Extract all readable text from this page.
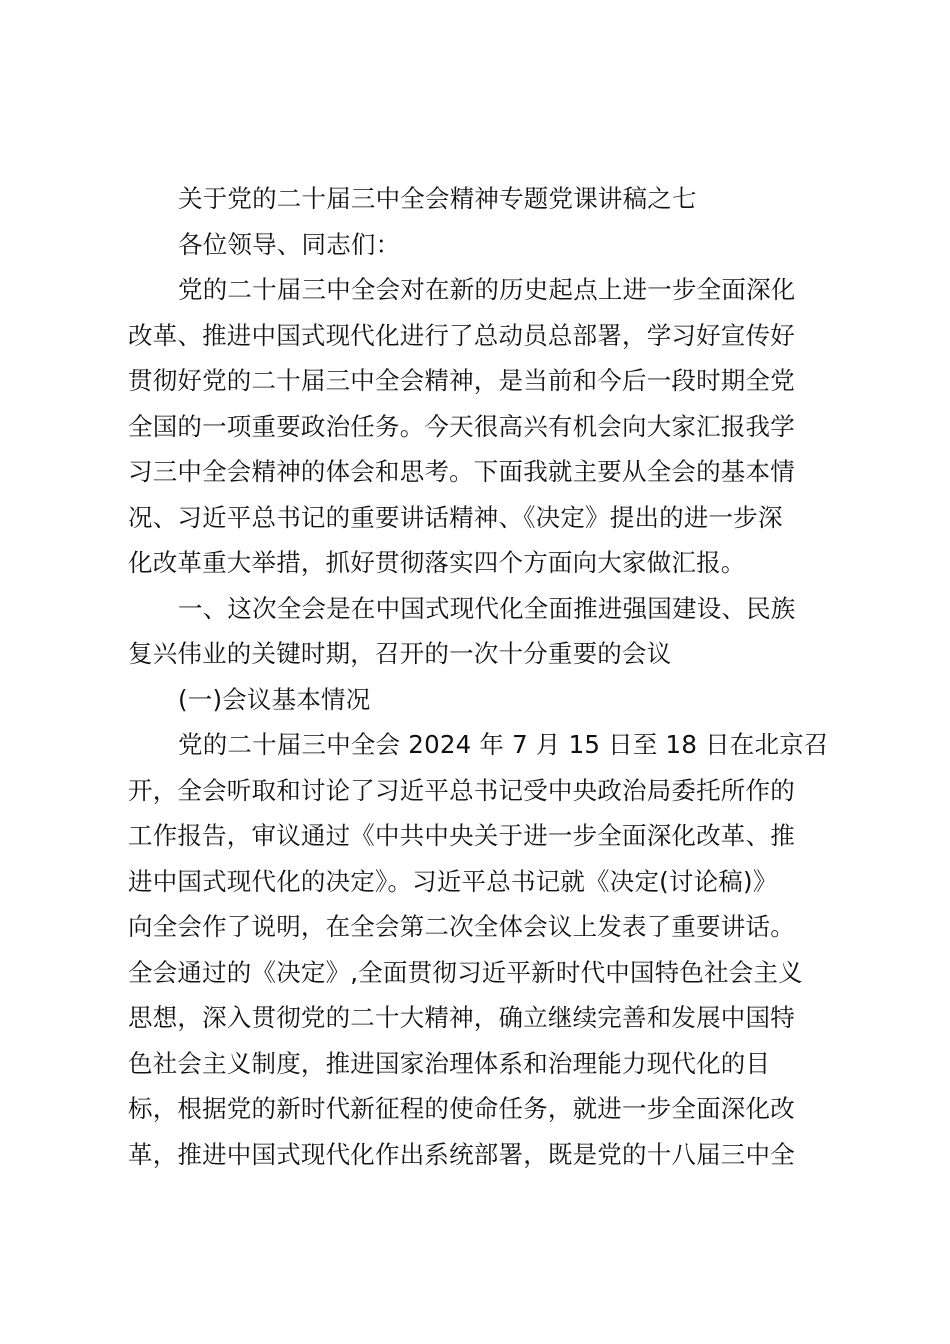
关于党的二十届三中全会精神专题党课讲稿之七
各位领导、同志们：
党的二十届三中全会对在新的历史起点上进一步全面深化
改革、推进中国式现代化进行了总动员总部署，学习好宣传好
贯彻好党的二十届三中全会精神，是当前和今后一段时期全党
全国的一项重要政治任务。今天很高兴有机会向大家汇报我学
习三中全会精神的体会和思考。下面我就主要从全会的基本情
况、习近平总书记的重要讲话精神、《决定》提出的进一步深
化改革重大举措，抓好贯彻落实四个方面向大家做汇报。
一、这次全会是在中国式现代化全面推进强国建设、民族
复兴伟业的关键时期，召开的一次十分重要的会议
(一)会议基本情况
党的二十届三中全会 2024 年 7 月 15 日至 18 日在北京召
开，全会听取和讨论了习近平总书记受中央政治局委托所作的
工作报告，审议通过《中共中央关于进一步全面深化改革、推
进中国式现代化的决定》。习近平总书记就《决定(讨论稿)》
向全会作了说明，在全会第二次全体会议上发表了重要讲话。
全会通过的《决定》,全面贯彻习近平新时代中国特色社会主义
思想，深入贯彻党的二十大精神，确立继续完善和发展中国特
色社会主义制度，推进国家治理体系和治理能力现代化的目
标，根据党的新时代新征程的使命任务，就进一步全面深化改
革，推进中国式现代化作出系统部署，既是党的十八届三中全
